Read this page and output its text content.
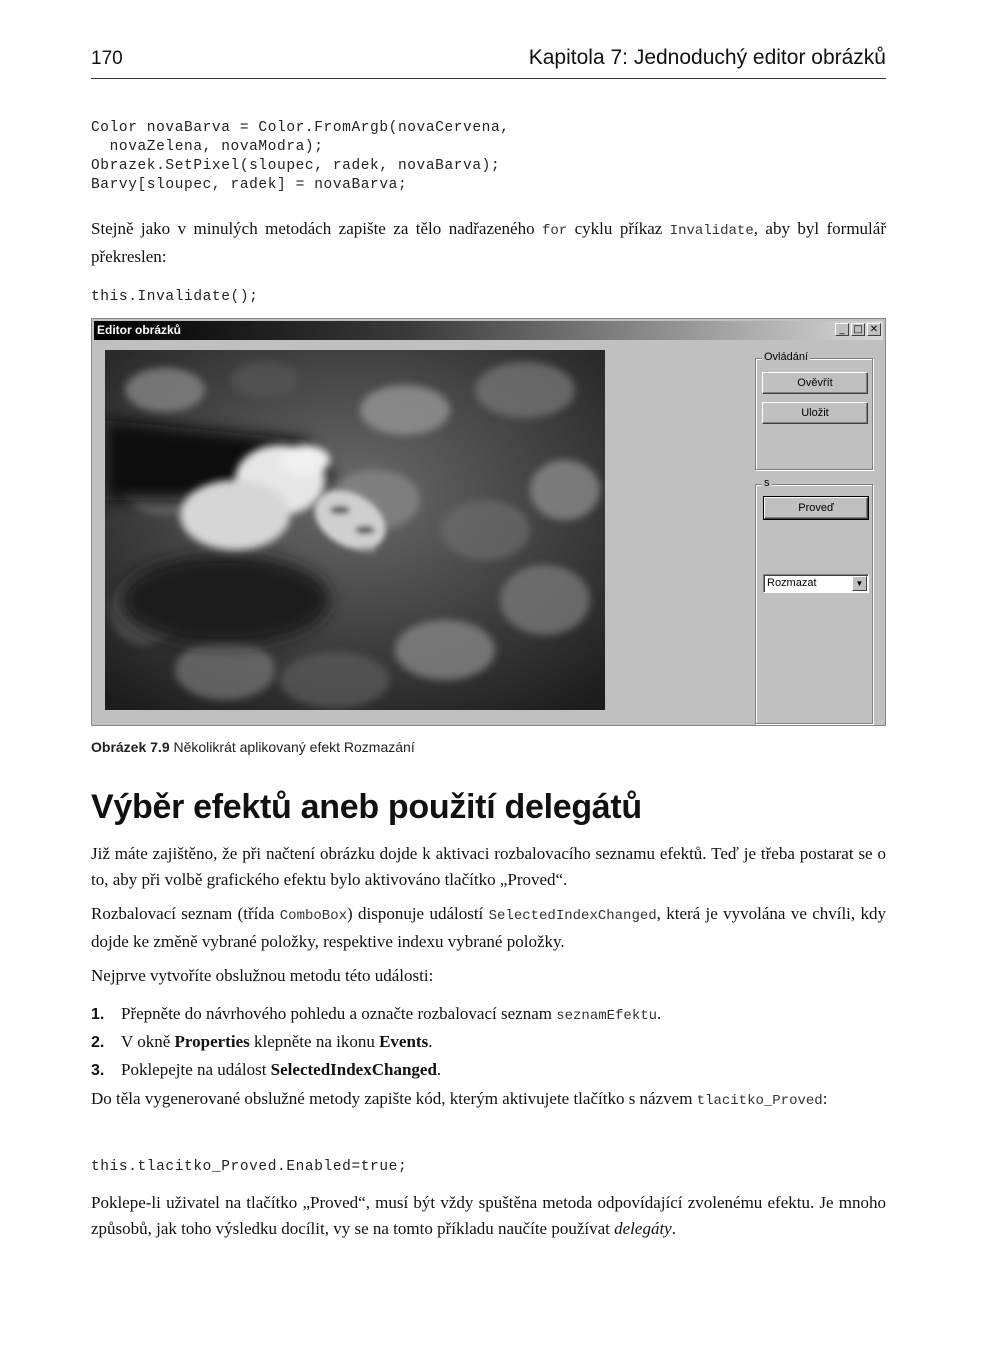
170	Kapitola 7: Jednoduchý editor obrázků
Color novaBarva = Color.FromArgb(novaCervena,
novaZelena, novaModra);
Obrazek.SetPixel(sloupec, radek, novaBarva);
Barvy[sloupec, radek] = novaBarva;
Stejně jako v minulých metodách zapište za tělo nadřazeného for cyklu příkaz Invalidate, aby byl formulář překreslen:
this.Invalidate();
Editor obrázků	_ □ ✕
Ovládání
Ověvřít
Uložit
s
Proveď
Rozmazat	▼
Obrázek 7.9 Několikrát aplikovaný efekt Rozmazání
Výběr efektů aneb použití delegátů
Již máte zajištěno, že při načtení obrázku dojde k aktivaci rozbalovacího seznamu efektů. Teď je třeba postarat se o to, aby při volbě grafického efektu bylo aktivováno tlačítko „Proved“.
Rozbalovací seznam (třída ComboBox) disponuje událostí SelectedIndexChanged, která je vyvolána ve chvíli, kdy dojde ke změně vybrané položky, respektive indexu vybrané položky.
Nejprve vytvoříte obslužnou metodu této události:
1. Přepněte do návrhového pohledu a označte rozbalovací seznam seznamEfektu.
2. V okně Properties klepněte na ikonu Events.
3. Poklepejte na událost SelectedIndexChanged.
Do těla vygenerované obslužné metody zapište kód, kterým aktivujete tlačítko s názvem tlacitko_Proved:
this.tlacitko_Proved.Enabled=true;
Poklepe-li uživatel na tlačítko „Proved“, musí být vždy spuštěna metoda odpovídající zvolenému efektu. Je mnoho způsobů, jak toho výsledku docílit, vy se na tomto příkladu naučíte používat delegáty.
